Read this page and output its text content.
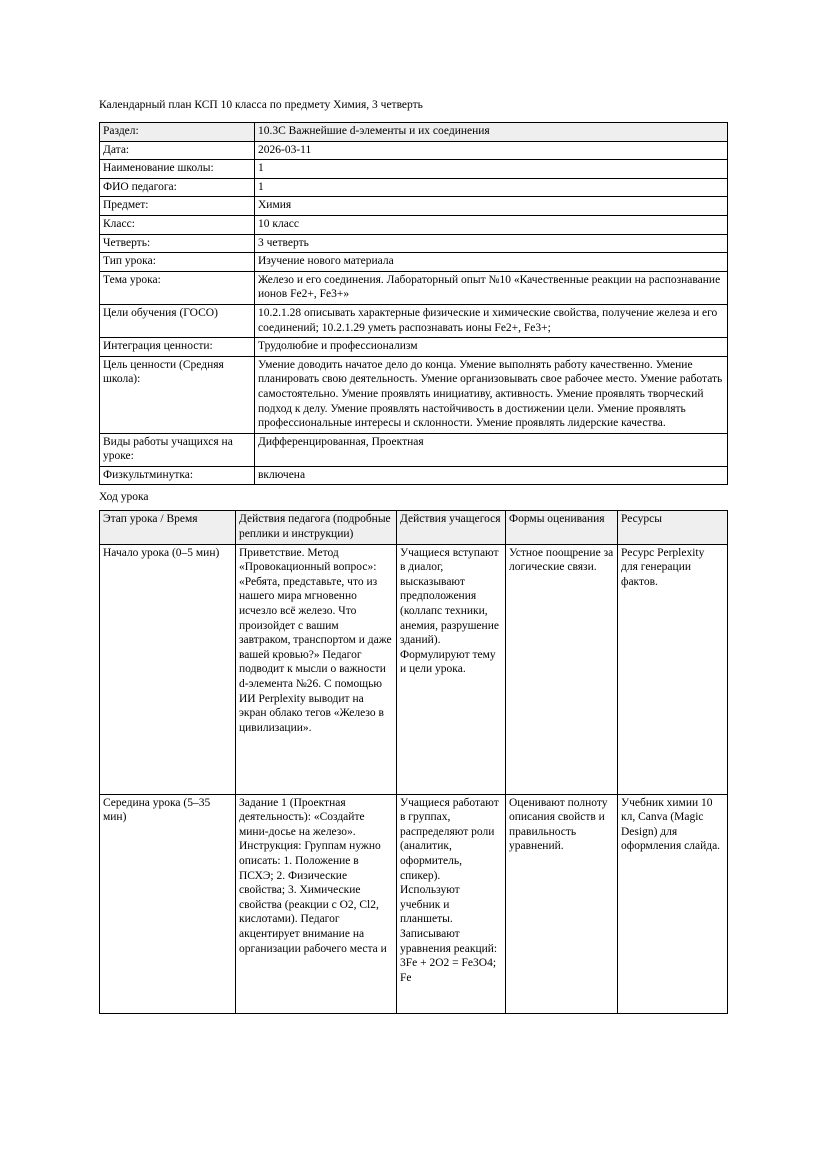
Календарный план КСП 10 класса по предмету Химия, 3 четверть
Раздел:	10.3С Важнейшие d-элементы и их соединения
Дата:	2026-03-11
Наименование школы:	1
ФИО педагога:	1
Предмет:	Химия
Класс:	10 класс
Четверть:	3 четверть
Тип урока:	Изучение нового материала
Тема урока:	Железо и его соединения. Лабораторный опыт №10 «Качественные реакции на распознавание ионов Fe2+, Fe3+»
Цели обучения (ГОСО)	10.2.1.28 описывать характерные физические и химические свойства, получение железа и его соединений; 10.2.1.29 уметь распознавать ионы Fe2+, Fe3+;
Интеграция ценности:	Трудолюбие и профессионализм
Цель ценности (Средняя школа):	Умение доводить начатое дело до конца. Умение выполнять работу качественно. Умение планировать свою деятельность. Умение организовывать свое рабочее место. Умение работать самостоятельно. Умение проявлять инициативу, активность. Умение проявлять творческий подход к делу. Умение проявлять настойчивость в достижении цели. Умение проявлять профессиональные интересы и склонности. Умение проявлять лидерские качества.
Виды работы учащихся на уроке:	Дифференцированная, Проектная
Физкультминутка:	включена
Ход урока
Этап урока / Время	Действия педагога (подробные реплики и инструкции)	Действия учащегося	Формы оценивания	Ресурсы
Начало урока (0–5 мин)	Приветствие. Метод «Провокационный вопрос»: «Ребята, представьте, что из нашего мира мгновенно исчезло всё железо. Что произойдет с вашим завтраком, транспортом и даже вашей кровью?» Педагог подводит к мысли о важности d-элемента №26. С помощью ИИ Perplexity выводит на экран облако тегов «Железо в цивилизации».	Учащиеся вступают в диалог, высказывают предположения (коллапс техники, анемия, разрушение зданий). Формулируют тему и цели урока.	Устное поощрение за логические связи.	Ресурс Perplexity для генерации фактов.
Середина урока (5–35 мин)	Задание 1 (Проектная деятельность): «Создайте мини-досье на железо». Инструкция: Группам нужно описать: 1. Положение в ПСХЭ; 2. Физические свойства; 3. Химические свойства (реакции с O2, Cl2, кислотами). Педагог акцентирует внимание на организации рабочего места и	Учащиеся работают в группах, распределяют роли (аналитик, оформитель, спикер). Используют учебник и планшеты. Записывают уравнения реакций: 3Fe + 2O2 = Fe3O4; Fe	Оценивают полноту описания свойств и правильность уравнений.	Учебник химии 10 кл, Canva (Magic Design) для оформления слайда.
